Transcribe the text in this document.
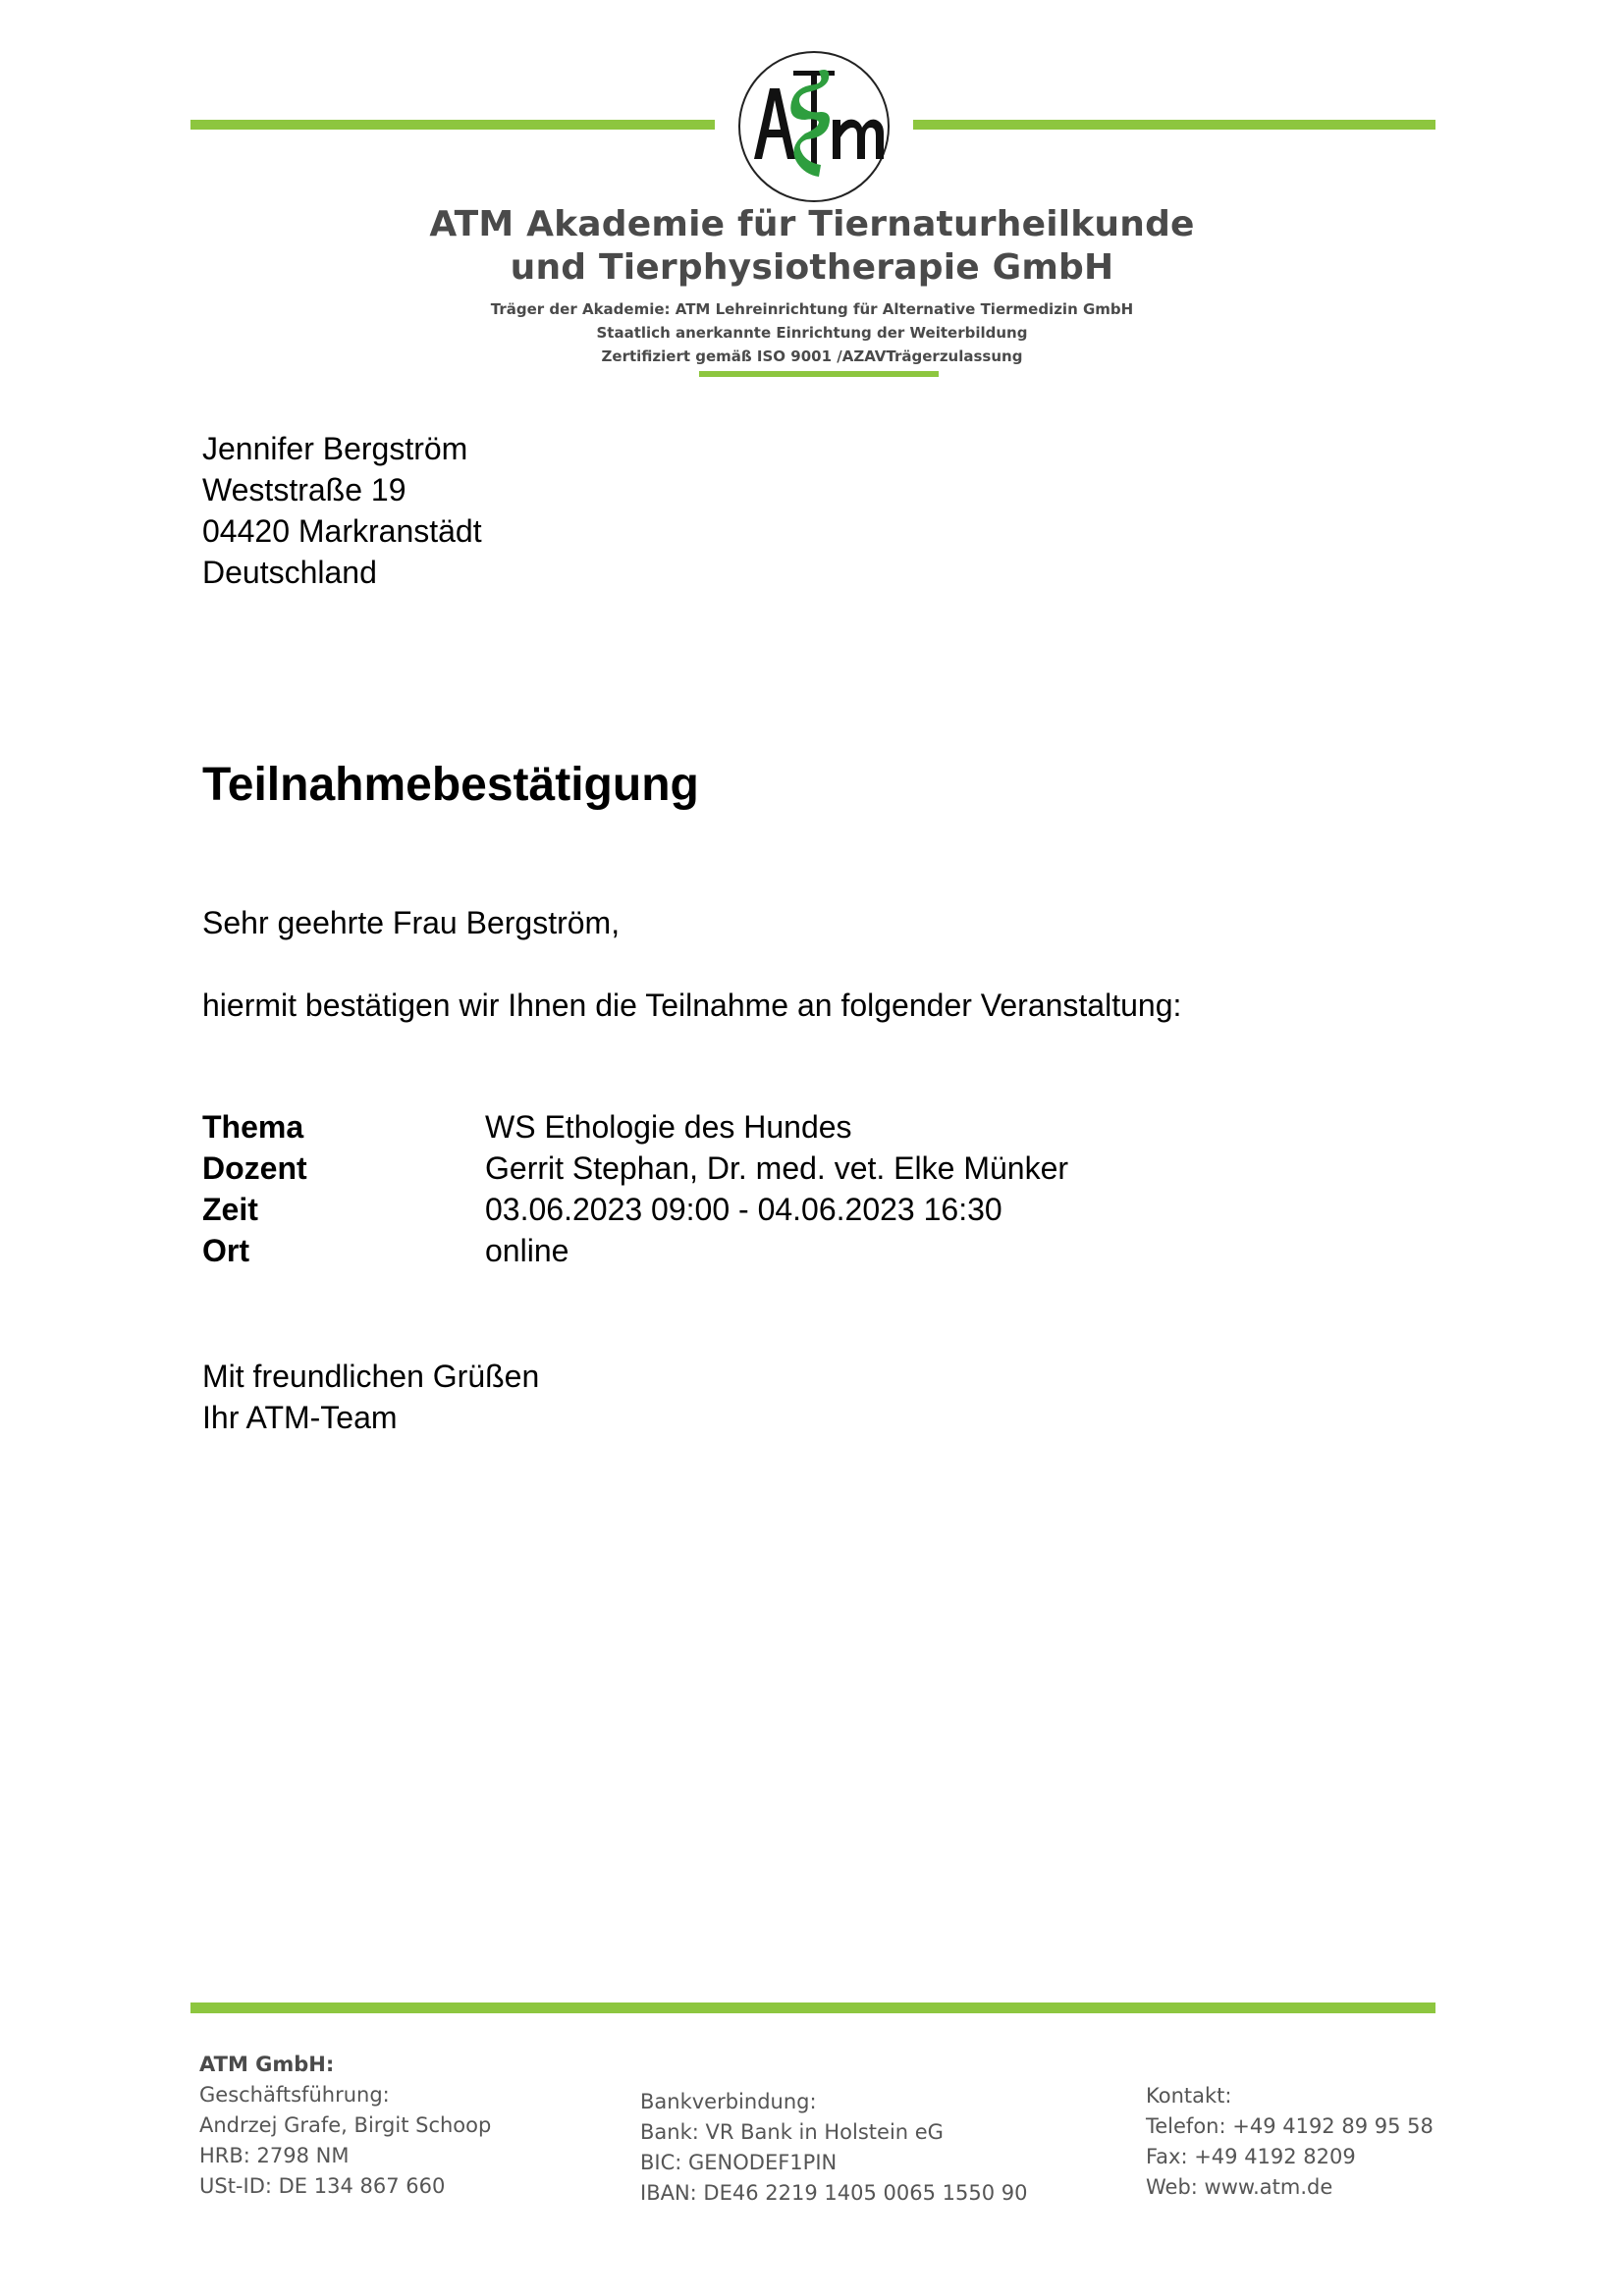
ATM Akademie für Tiernaturheilkunde
und Tierphysiotherapie GmbH
Träger der Akademie: ATM Lehreinrichtung für Alternative Tiermedizin GmbH
Staatlich anerkannte Einrichtung der Weiterbildung
Zertifiziert gemäß ISO 9001 /AZAVTrägerzulassung
Jennifer Bergström
Weststraße 19
04420 Markranstädt
Deutschland
Teilnahmebestätigung
Sehr geehrte Frau Bergström,
hiermit bestätigen wir Ihnen die Teilnahme an folgender Veranstaltung:
Thema	WS Ethologie des Hundes
Dozent	Gerrit Stephan, Dr. med. vet. Elke Münker
Zeit	03.06.2023 09:00 - 04.06.2023 16:30
Ort	online
Mit freundlichen Grüßen
Ihr ATM-Team
ATM GmbH:
Geschäftsführung:
Andrzej Grafe, Birgit Schoop
HRB: 2798 NM
USt-ID: DE 134 867 660
Bankverbindung:
Bank: VR Bank in Holstein eG
BIC: GENODEF1PIN
IBAN: DE46 2219 1405 0065 1550 90
Kontakt:
Telefon: +49 4192 89 95 58
Fax: +49 4192 8209
Web: www.atm.de
